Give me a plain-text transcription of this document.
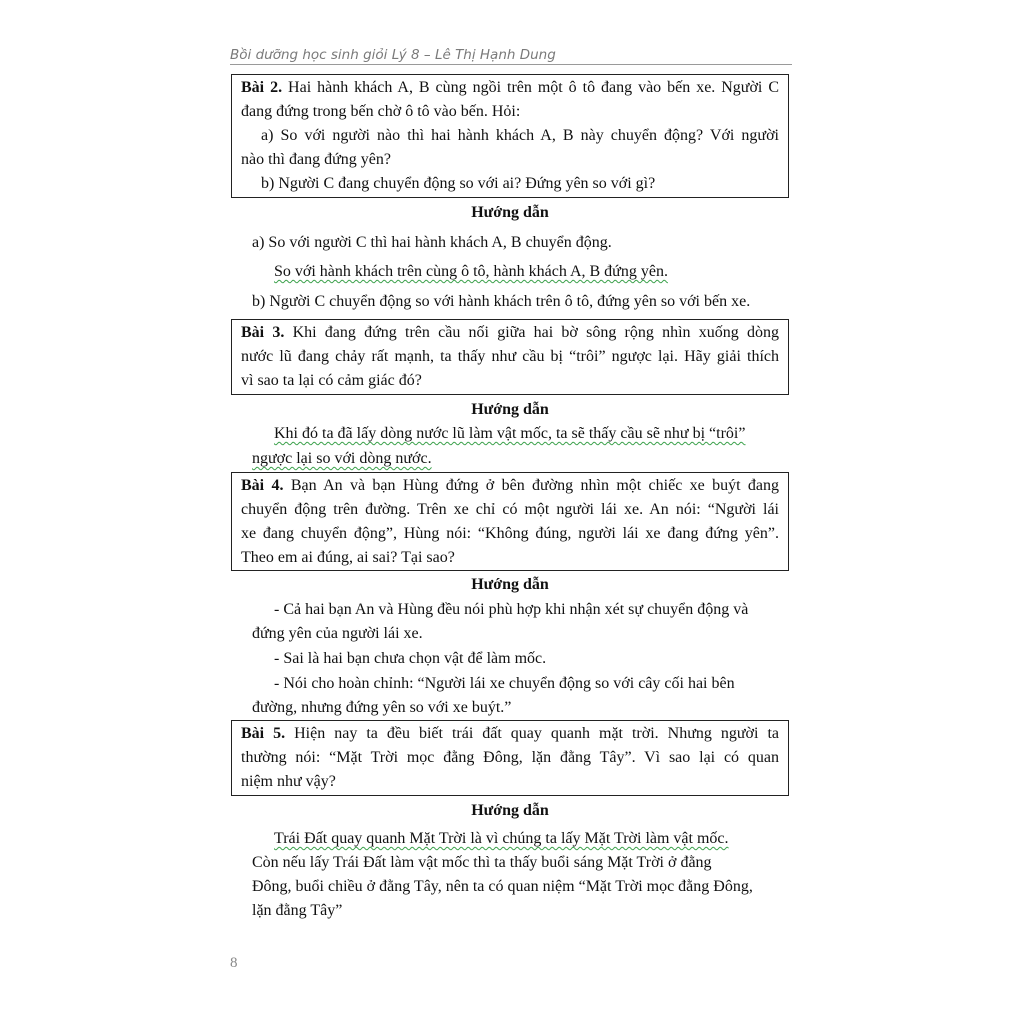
Bồi dưỡng học sinh giỏi Lý 8 – Lê Thị Hạnh Dung
Bài 2. Hai hành khách A, B cùng ngồi trên một ô tô đang vào bến xe. Người C
đang đứng trong bến chờ ô tô vào bến. Hỏi:
a) So với người nào thì hai hành khách A, B này chuyển động? Với người
nào thì đang đứng yên?
b) Người C đang chuyển động so với ai? Đứng yên so với gì?
Hướng dẫn
a) So với người C thì hai hành khách A, B chuyển động.
So với hành khách trên cùng ô tô, hành khách A, B đứng yên.
b) Người C chuyển động so với hành khách trên ô tô, đứng yên so với bến xe.
Bài 3. Khi đang đứng trên cầu nối giữa hai bờ sông rộng nhìn xuống dòng
nước lũ đang chảy rất mạnh, ta thấy như cầu bị “trôi” ngược lại. Hãy giải thích
vì sao ta lại có cảm giác đó?
Hướng dẫn
Khi đó ta đã lấy dòng nước lũ làm vật mốc, ta sẽ thấy cầu sẽ như bị “trôi”
ngược lại so với dòng nước.
Bài 4. Bạn An và bạn Hùng đứng ở bên đường nhìn một chiếc xe buýt đang
chuyển động trên đường. Trên xe chỉ có một người lái xe. An nói: “Người lái
xe đang chuyển động”, Hùng nói: “Không đúng, người lái xe đang đứng yên”.
Theo em ai đúng, ai sai? Tại sao?
Hướng dẫn
- Cả hai bạn An và Hùng đều nói phù hợp khi nhận xét sự chuyển động và
đứng yên của người lái xe.
- Sai là hai bạn chưa chọn vật để làm mốc.
- Nói cho hoàn chỉnh: “Người lái xe chuyển động so với cây cối hai bên
đường, nhưng đứng yên so với xe buýt.”
Bài 5. Hiện nay ta đều biết trái đất quay quanh mặt trời. Nhưng người ta
thường nói: “Mặt Trời mọc đằng Đông, lặn đằng Tây”. Vì sao lại có quan
niệm như vậy?
Hướng dẫn
Trái Đất quay quanh Mặt Trời là vì chúng ta lấy Mặt Trời làm vật mốc.
Còn nếu lấy Trái Đất làm vật mốc thì ta thấy buổi sáng Mặt Trời ở đằng
Đông, buổi chiều ở đằng Tây, nên ta có quan niệm “Mặt Trời mọc đằng Đông,
lặn đằng Tây”
8
